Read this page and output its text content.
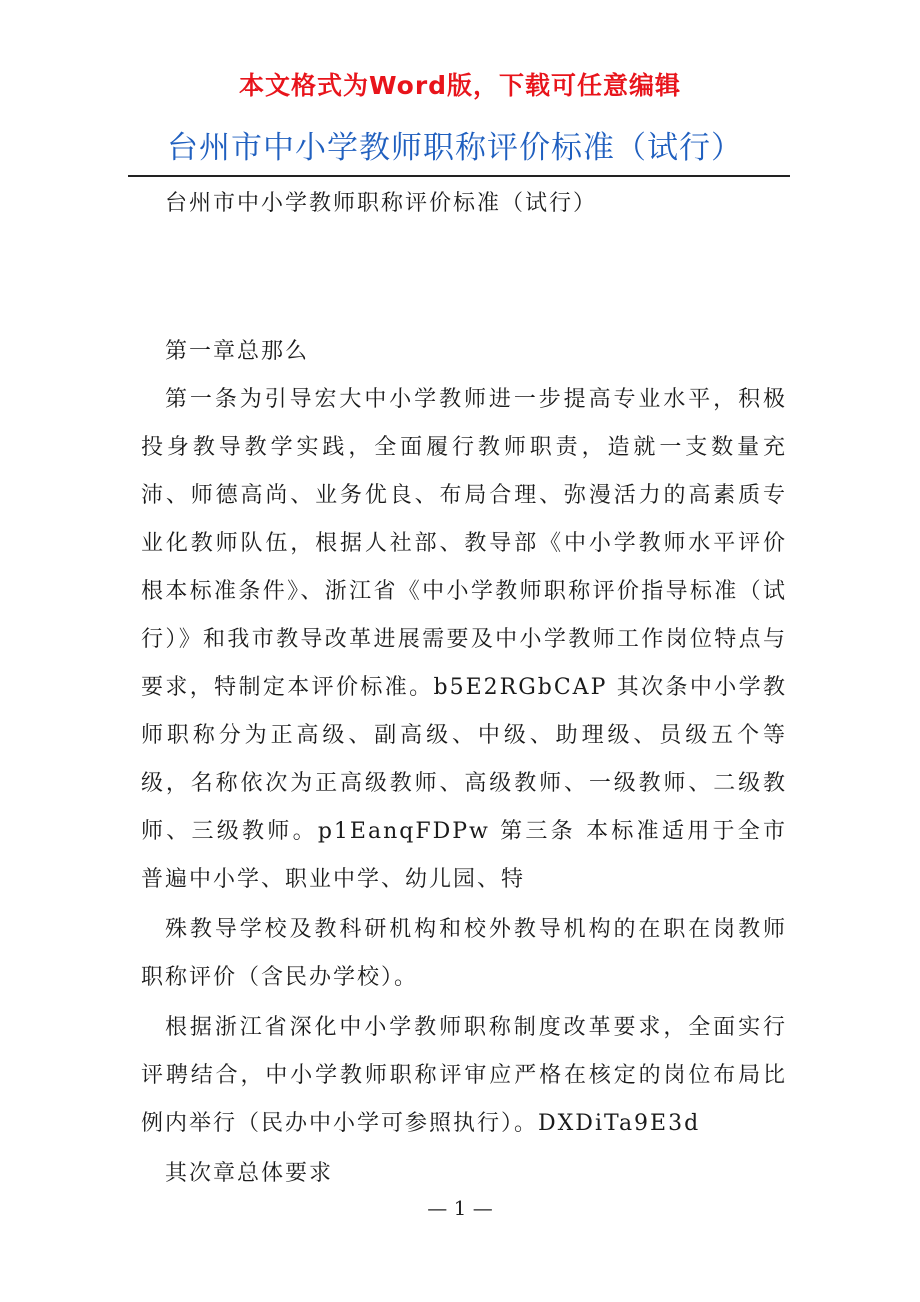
本文格式为Word版，下载可任意编辑
台州市中小学教师职称评价标准（试行）

台州市中小学教师职称评价标准（试行）

第一章总那么

第一条为引导宏大中小学教师进一步提高专业水平，积极投身教导教学实践，全面履行教师职责，造就一支数量充沛、师德高尚、业务优良、布局合理、弥漫活力的高素质专业化教师队伍，根据人社部、教导部《中小学教师水平评价根本标准条件》、浙江省《中小学教师职称评价指导标准（试行）》和我市教导改革进展需要及中小学教师工作岗位特点与要求，特制定本评价标准。b5E2RGbCAP 其次条中小学教师职称分为正高级、副高级、中级、助理级、员级五个等级，名称依次为正高级教师、高级教师、一级教师、二级教师、三级教师。p1EanqFDPw 第三条 本标准适用于全市普遍中小学、职业中学、幼儿园、特

殊教导学校及教科研机构和校外教导机构的在职在岗教师职称评价（含民办学校）。

根据浙江省深化中小学教师职称制度改革要求，全面实行评聘结合，中小学教师职称评审应严格在核定的岗位布局比例内举行（民办中小学可参照执行）。DXDiTa9E3d

其次章总体要求

— 1 —
